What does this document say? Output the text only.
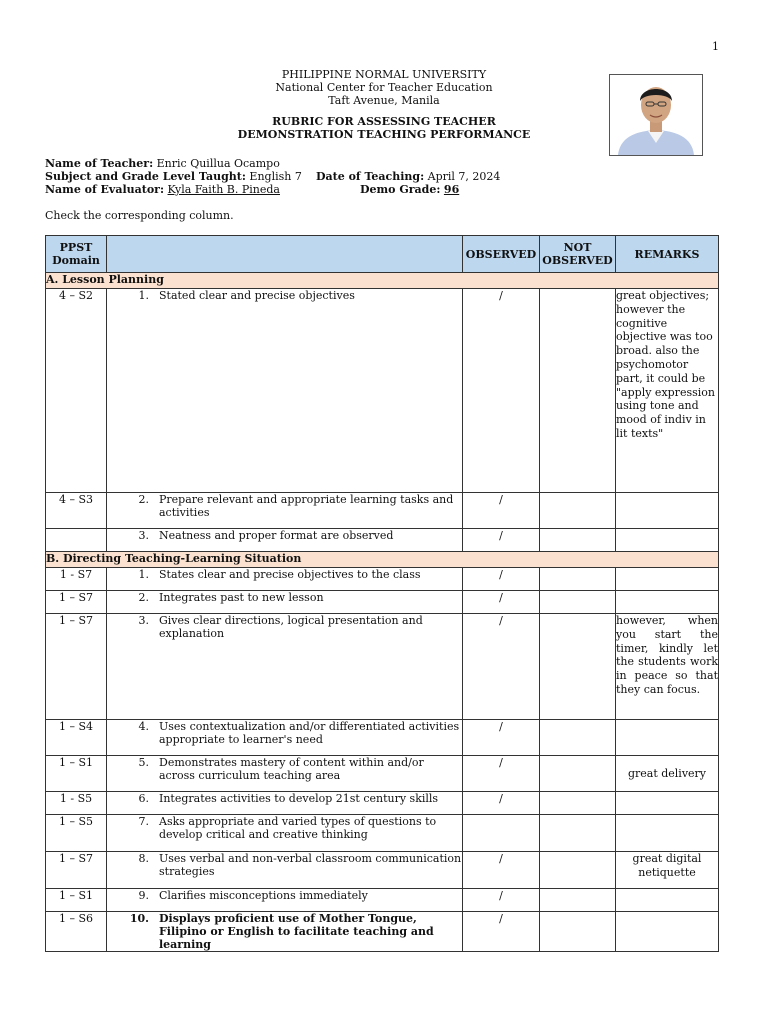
1
PHILIPPINE NORMAL UNIVERSITY
National Center for Teacher Education
Taft Avenue, Manila
RUBRIC FOR ASSESSING TEACHER
DEMONSTRATION TEACHING PERFORMANCE
Name of Teacher: Enric Quillua Ocampo
Subject and Grade Level Taught: English 7 Date of Teaching: April 7, 2024
Name of Evaluator: Kyla Faith B. Pineda	Demo Grade: 96
Check the corresponding column.
PPST Domain		OBSERVED	NOT OBSERVED	REMARKS
A. Lesson Planning				
4 – S2	1. Stated clear and precise objectives	/		great objectives; however the cognitive objective was too broad. also the psychomotor part, it could be "apply expression using tone and mood of indiv in lit texts"
4 – S3	2. Prepare relevant and appropriate learning tasks and activities	/		

	3. Neatness and proper format are observed	/		
B. Directing Teaching-Learning Situation				
1 - S7	1. States clear and precise objectives to the class	/		
1 – S7	2. Integrates past to new lesson	/		
1 – S7	3. Gives clear directions, logical presentation and explanation	/		however, when you start the timer, kindly let the students work in peace so that they can focus.
1 – S4	4. Uses contextualization and/or differentiated activities appropriate to learner's need	/		
1 – S1	5. Demonstrates mastery of content within and/or across curriculum teaching area	/		great delivery
1 - S5	6. Integrates activities to develop 21st century skills	/		
1 – S5	7. Asks appropriate and varied types of questions to develop critical and creative thinking			

1 – S7	8. Uses verbal and non-verbal classroom communication strategies	/		great digital netiquette
1 – S1	9. Clarifies misconceptions immediately	/		
1 – S6	10. Displays proficient use of Mother Tongue, Filipino or English to facilitate teaching and learning	/		
